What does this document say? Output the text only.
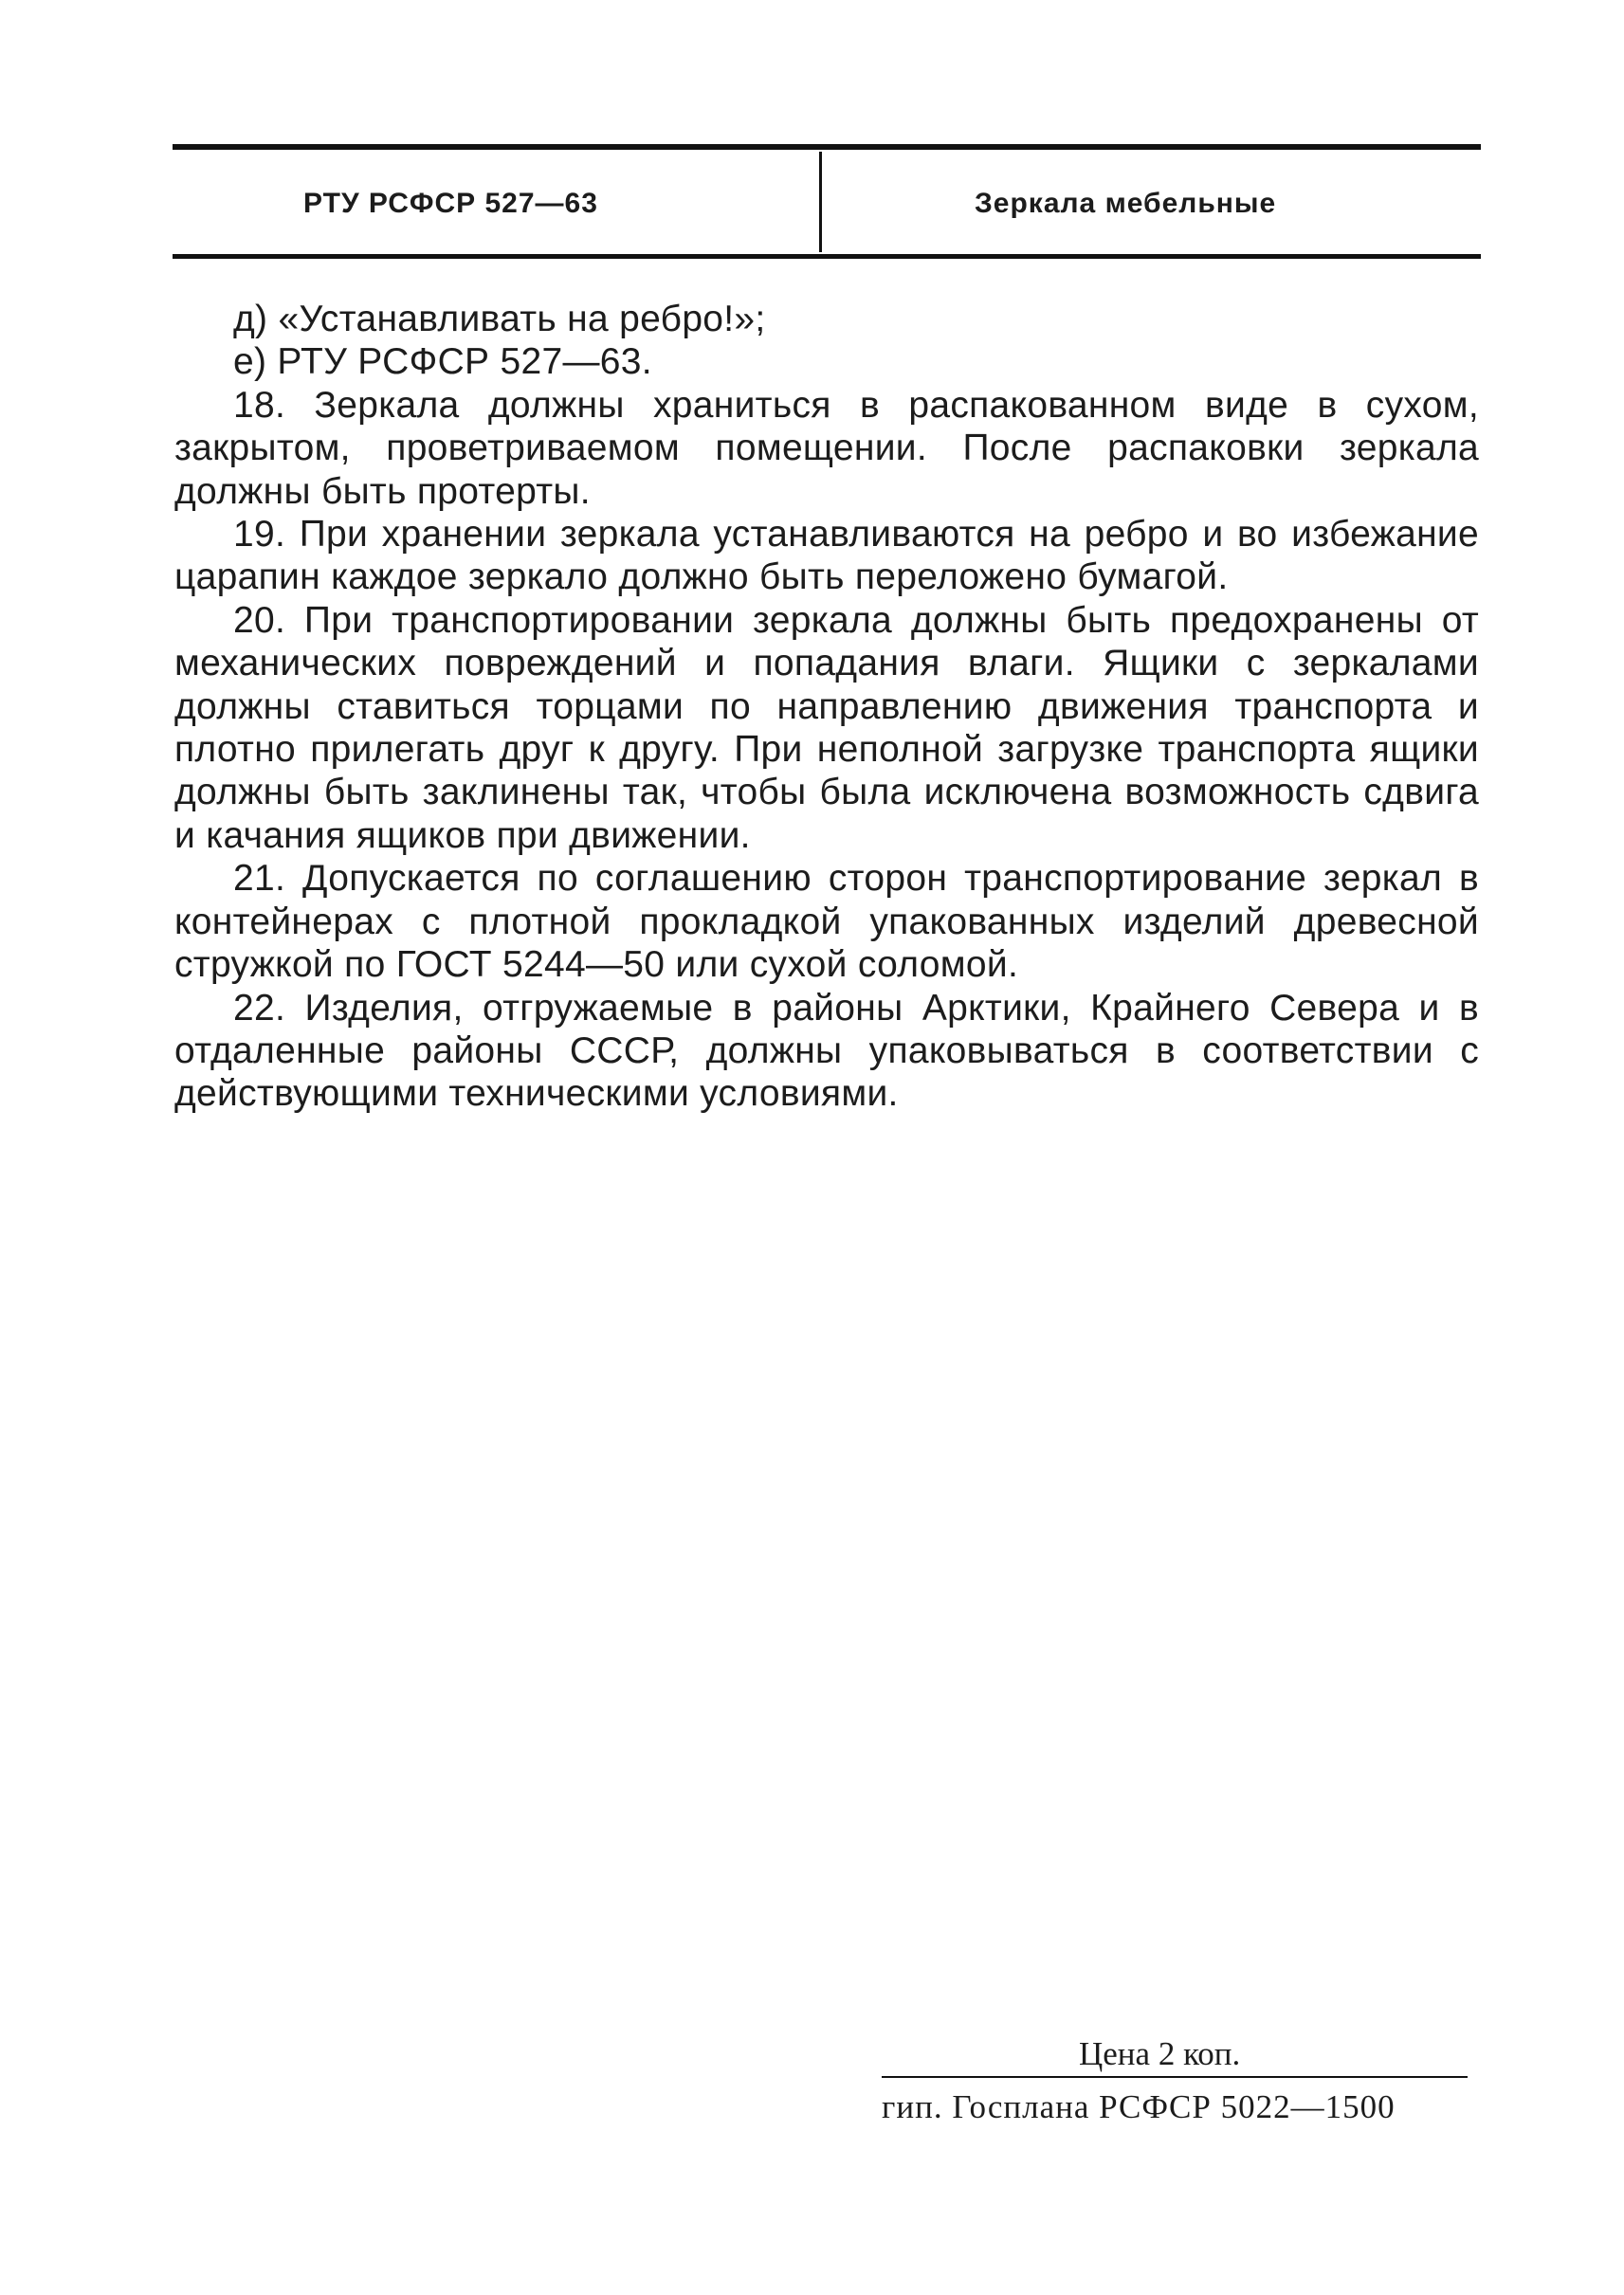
РТУ РСФСР 527—63	Зеркала мебельные

д) «Устанавливать на ребро!»;

е) РТУ РСФСР 527—63.

18. Зеркала должны храниться в распакованном виде в сухом, закрытом, проветриваемом помещении. После распаковки зеркала должны быть протерты.

19. При хранении зеркала устанавливаются на ребро и во избежание царапин каждое зеркало должно быть переложено бумагой.

20. При транспортировании зеркала должны быть предохранены от механических повреждений и попадания влаги. Ящики с зеркалами должны ставиться торцами по направлению движения транспорта и плотно прилегать друг к другу. При неполной загрузке транспорта ящики должны быть заклинены так, чтобы была исключена возможность сдвига и качания ящиков при движении.

21. Допускается по соглашению сторон транспортирование зеркал в контейнерах с плотной прокладкой упакованных изделий древесной стружкой по ГОСТ 5244—50 или сухой соломой.

22. Изделия, отгружаемые в районы Арктики, Крайнего Севера и в отдаленные районы СССР, должны упаковываться в соответствии с действующими техническими условиями.

Цена 2 коп.
гип. Госплана РСФСР 5022—1500
